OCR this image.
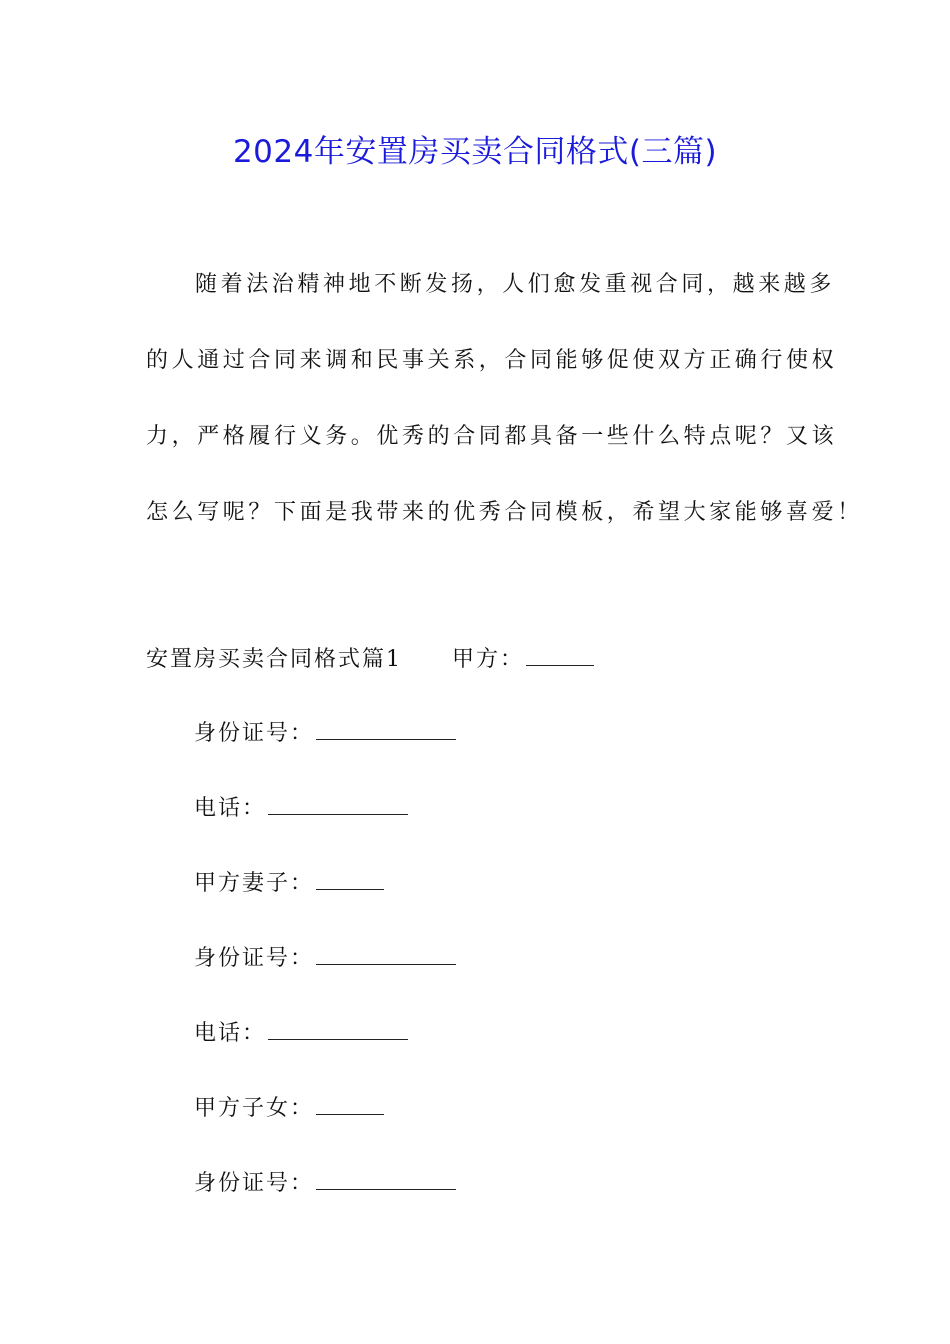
2024年安置房买卖合同格式(三篇)
随着法治精神地不断发扬，人们愈发重视合同，越来越多
的人通过合同来调和民事关系，合同能够促使双方正确行使权
力，严格履行义务。优秀的合同都具备一些什么特点呢？又该
怎么写呢？下面是我带来的优秀合同模板，希望大家能够喜爱！
安置房买卖合同格式篇1 甲方：
身份证号：
电话：
甲方妻子：
身份证号：
电话：
甲方子女：
身份证号：
